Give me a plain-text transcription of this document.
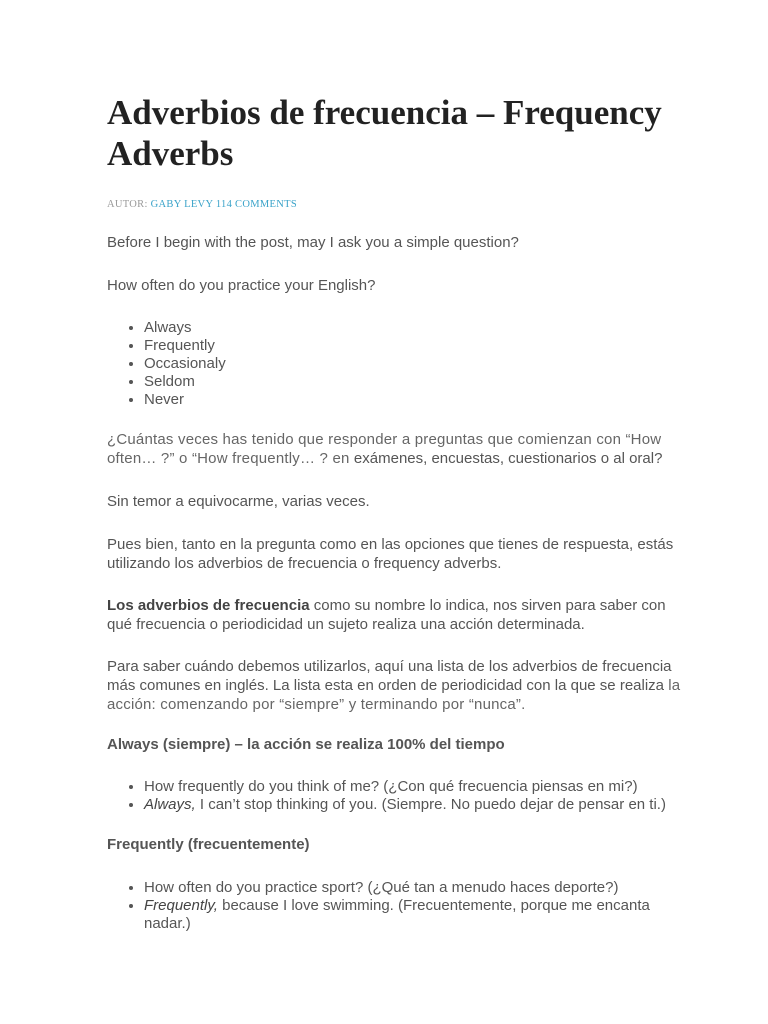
Adverbios de frecuencia – Frequency Adverbs
AUTOR: GABY LEVY 114 COMMENTS

Before I begin with the post, may I ask you a simple question?

How often do you practice your English?

• Always
• Frequently
• Occasionaly
• Seldom
• Never

¿Cuántas veces has tenido que responder a preguntas que comienzan con “How often… ?” o “How frequently… ? en exámenes, encuestas, cuestionarios o al oral?

Sin temor a equivocarme, varias veces.

Pues bien, tanto en la pregunta como en las opciones que tienes de respuesta, estás utilizando los adverbios de frecuencia o frequency adverbs.

Los adverbios de frecuencia como su nombre lo indica, nos sirven para saber con qué frecuencia o periodicidad un sujeto realiza una acción determinada.

Para saber cuándo debemos utilizarlos, aquí una lista de los adverbios de frecuencia más comunes en inglés. La lista esta en orden de periodicidad con la que se realiza la acción: comenzando por “siempre” y terminando por “nunca”.

Always (siempre) – la acción se realiza 100% del tiempo

• How frequently do you think of me? (¿Con qué frecuencia piensas en mi?)
• Always, I can’t stop thinking of you. (Siempre. No puedo dejar de pensar en ti.)

Frequently (frecuentemente)

• How often do you practice sport? (¿Qué tan a menudo haces deporte?)
• Frequently, because I love swimming. (Frecuentemente, porque me encanta nadar.)
